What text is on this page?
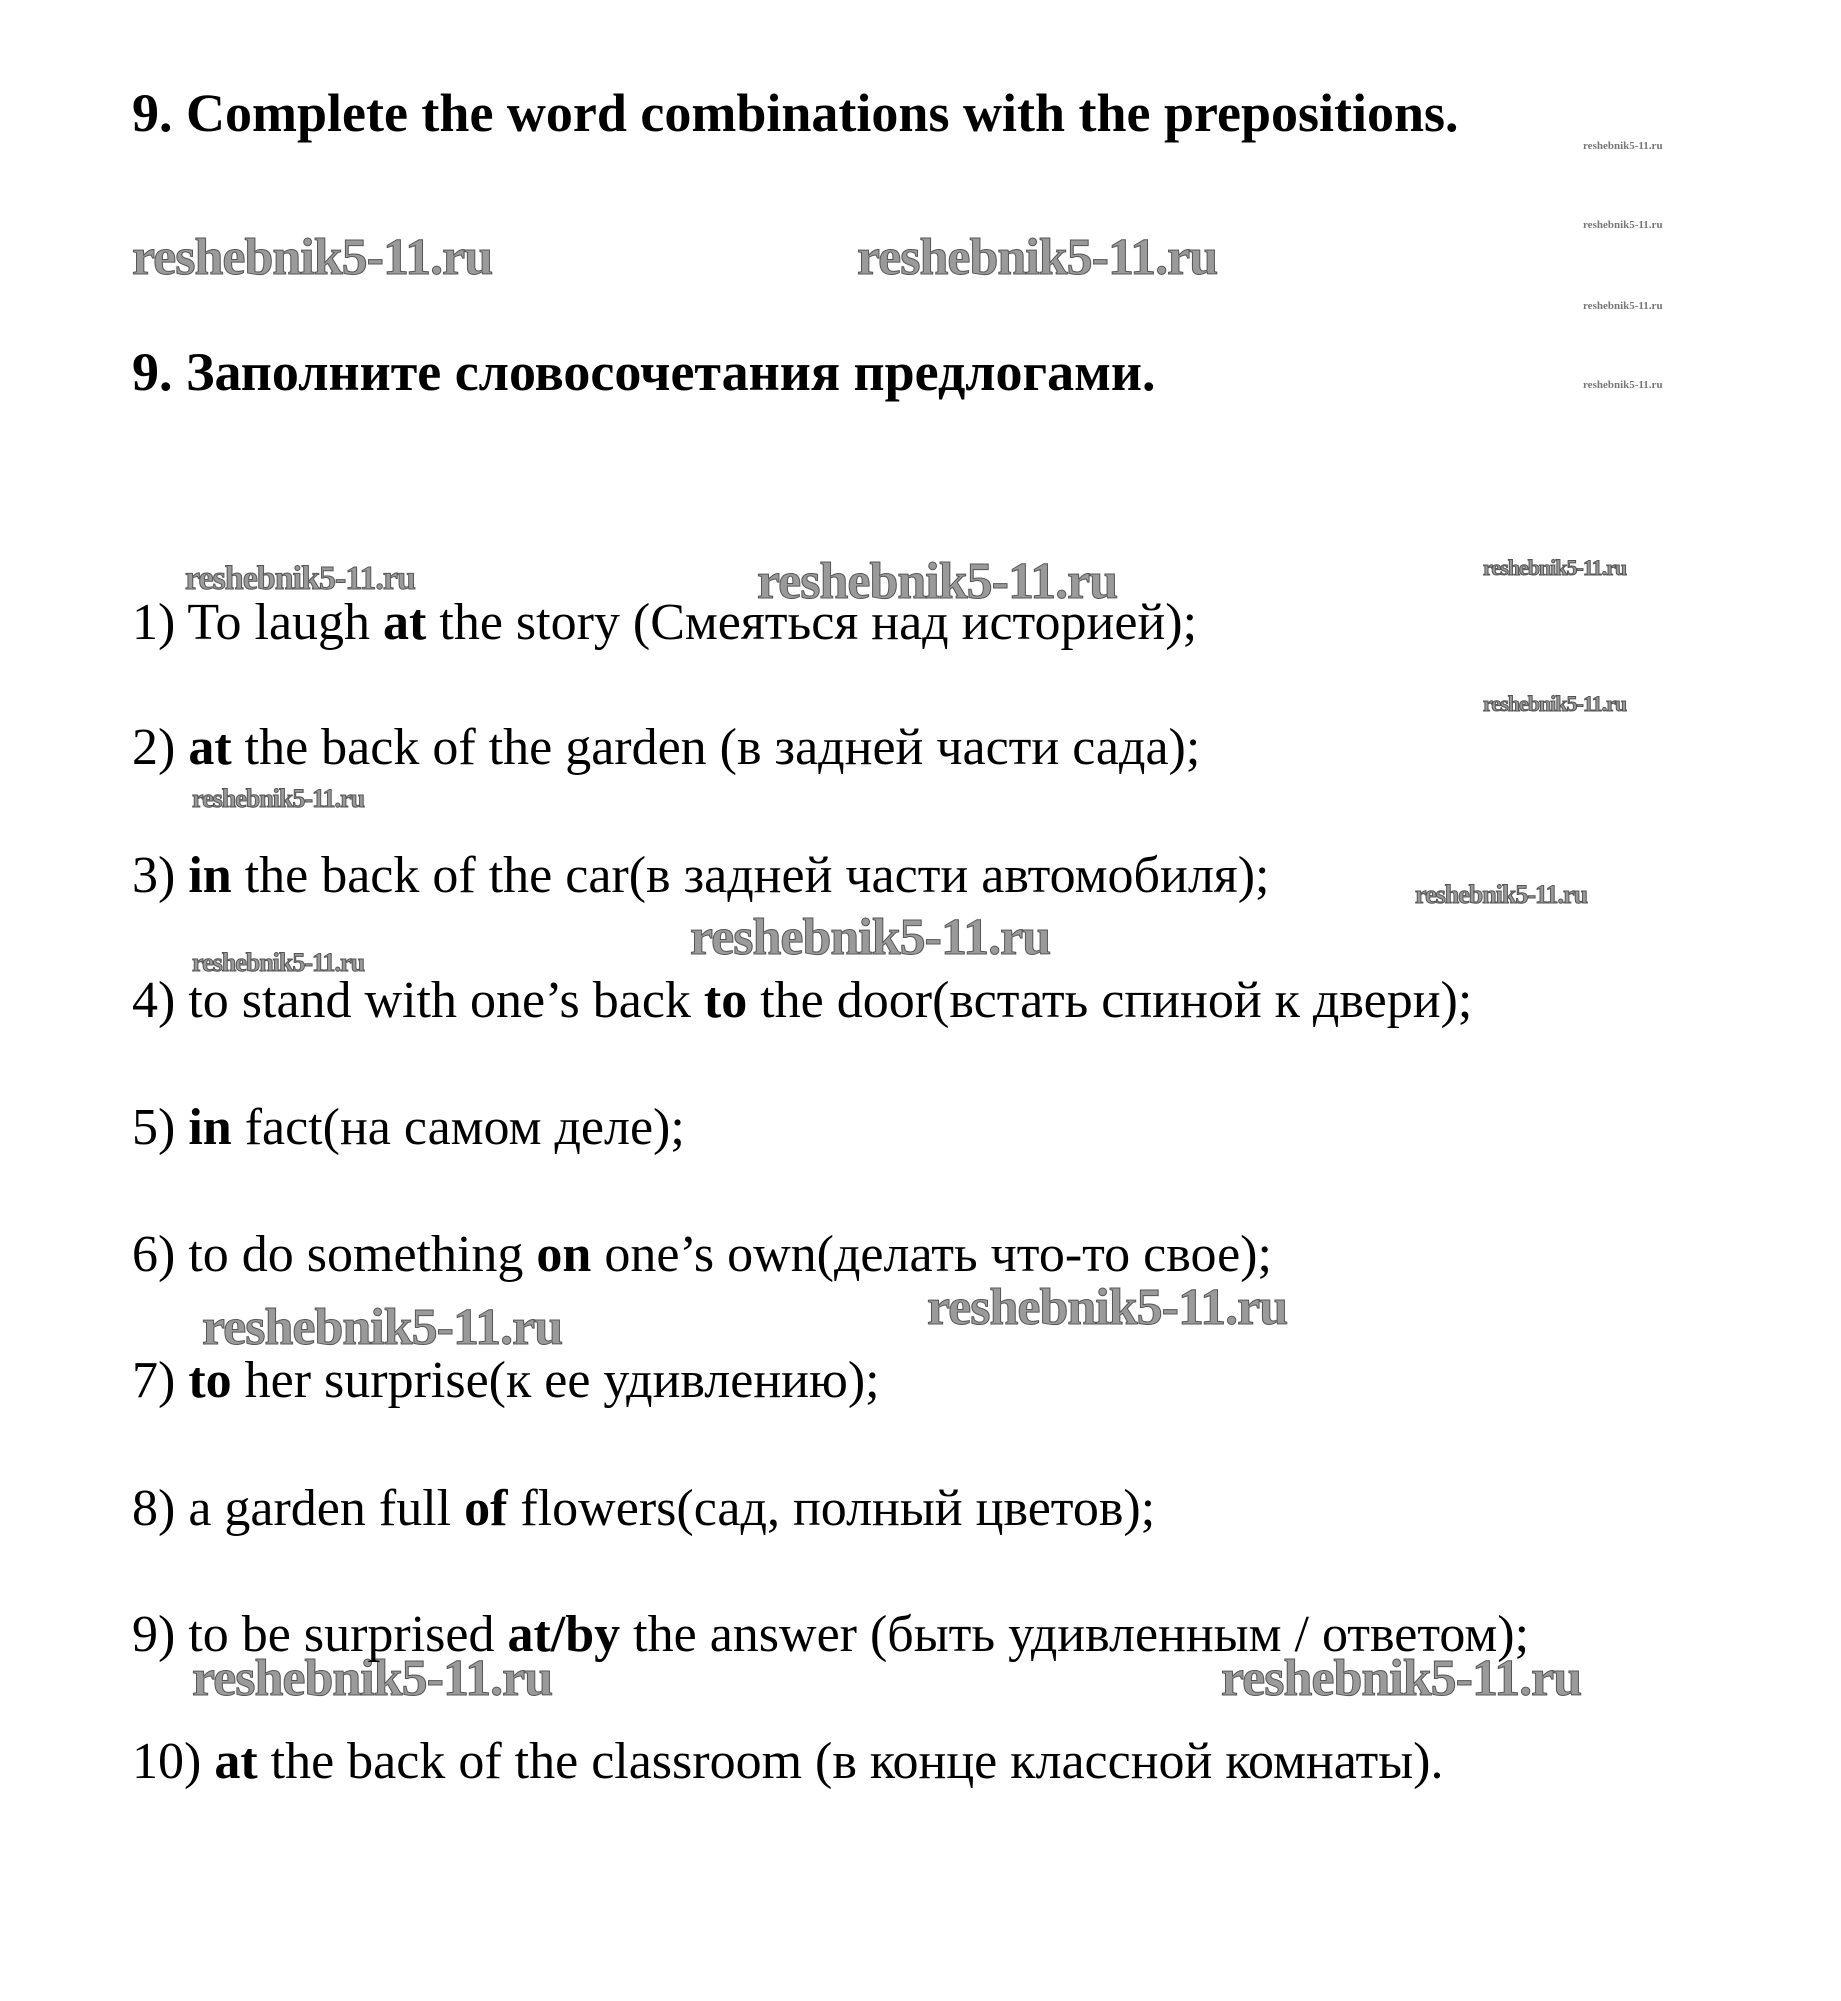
9. Complete the word combinations with the prepositions.
9. Заполните словосочетания предлогами.
reshebnik5-11.ru
reshebnik5-11.ru
reshebnik5-11.ru
reshebnik5-11.ru
reshebnik5-11.ru	reshebnik5-11.ru
reshebnik5-11.ru	reshebnik5-11.ru	reshebnik5-11.ru
reshebnik5-11.ru
reshebnik5-11.ru
reshebnik5-11.ru
reshebnik5-11.ru
reshebnik5-11.ru
reshebnik5-11.ru
reshebnik5-11.ru
reshebnik5-11.ru	reshebnik5-11.ru
1) To laugh at the story (Смеяться над историей);
2) at the back of the garden (в задней части сада);
3) in the back of the car(в задней части автомобиля);
4) to stand with one’s back to the door(встать спиной к двери);
5) in fact(на самом деле);
6) to do something on one’s own(делать что-то свое);
7) to her surprise(к ее удивлению);
8) a garden full of flowers(сад, полный цветов);
9) to be surprised at/by the answer (быть удивленным / ответом);
10) at the back of the classroom (в конце классной комнаты).
